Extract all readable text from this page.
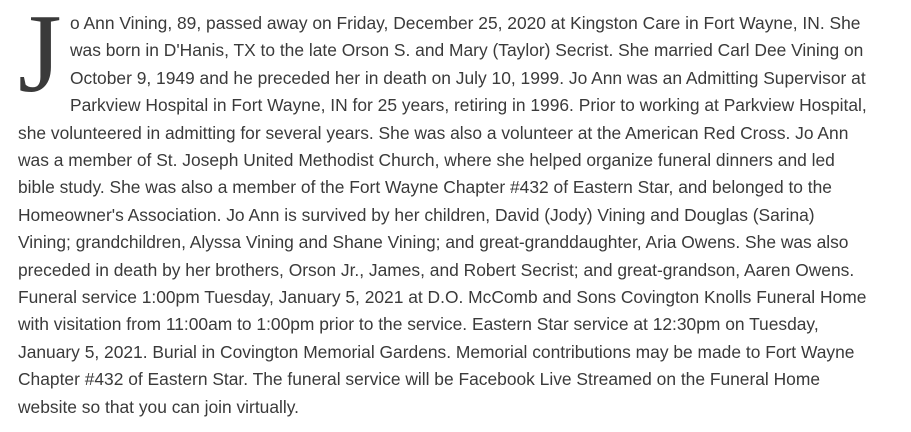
Jo Ann Vining, 89, passed away on Friday, December 25, 2020 at Kingston Care in Fort Wayne, IN. She was born in D'Hanis, TX to the late Orson S. and Mary (Taylor) Secrist. She married Carl Dee Vining on October 9, 1949 and he preceded her in death on July 10, 1999. Jo Ann was an Admitting Supervisor at Parkview Hospital in Fort Wayne, IN for 25 years, retiring in 1996. Prior to working at Parkview Hospital, she volunteered in admitting for several years. She was also a volunteer at the American Red Cross. Jo Ann was a member of St. Joseph United Methodist Church, where she helped organize funeral dinners and led bible study. She was also a member of the Fort Wayne Chapter #432 of Eastern Star, and belonged to the Homeowner's Association. Jo Ann is survived by her children, David (Jody) Vining and Douglas (Sarina) Vining; grandchildren, Alyssa Vining and Shane Vining; and great-granddaughter, Aria Owens. She was also preceded in death by her brothers, Orson Jr., James, and Robert Secrist; and great-grandson, Aaren Owens. Funeral service 1:00pm Tuesday, January 5, 2021 at D.O. McComb and Sons Covington Knolls Funeral Home with visitation from 11:00am to 1:00pm prior to the service. Eastern Star service at 12:30pm on Tuesday, January 5, 2021. Burial in Covington Memorial Gardens. Memorial contributions may be made to Fort Wayne Chapter #432 of Eastern Star. The funeral service will be Facebook Live Streamed on the Funeral Home website so that you can join virtually.
